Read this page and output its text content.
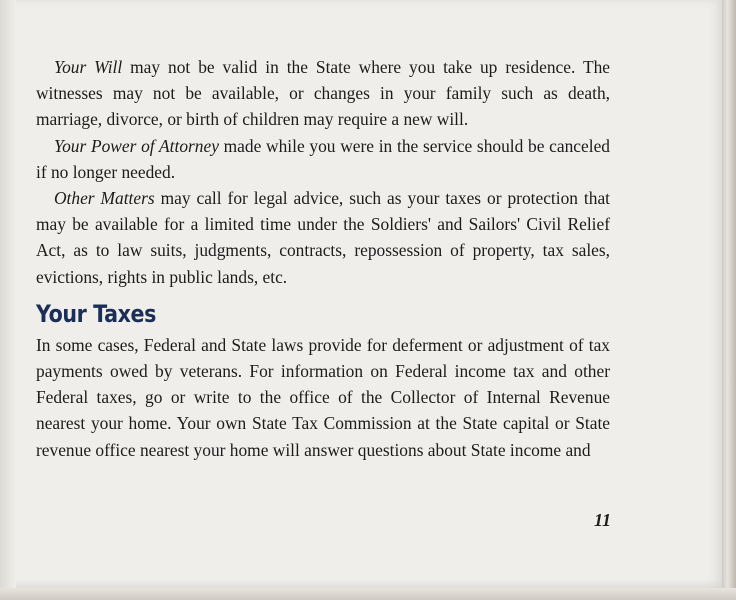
Your Will may not be valid in the State where you take up residence. The witnesses may not be available, or changes in your family such as death, marriage, divorce, or birth of children may require a new will.

Your Power of Attorney made while you were in the service should be canceled if no longer needed.

Other Matters may call for legal advice, such as your taxes or protection that may be available for a limited time under the Soldiers' and Sailors' Civil Relief Act, as to law suits, judgments, contracts, repossession of property, tax sales, evictions, rights in public lands, etc.

Your Taxes

In some cases, Federal and State laws provide for deferment or adjustment of tax payments owed by veterans. For information on Federal income tax and other Federal taxes, go or write to the office of the Collector of Internal Revenue nearest your home. Your own State Tax Commission at the State capital or State revenue office nearest your home will answer questions about State income and

11
